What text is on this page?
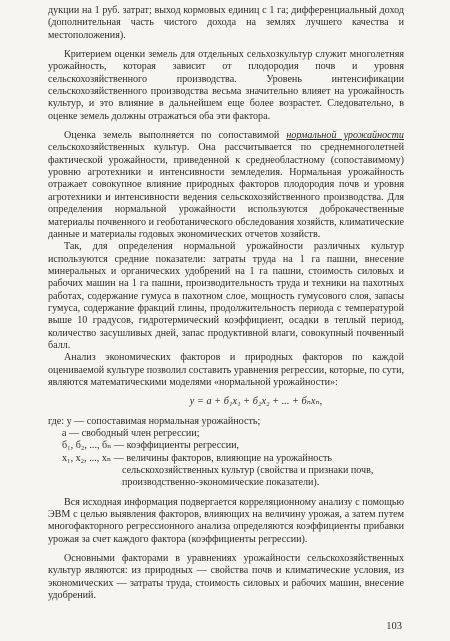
дукции на 1 руб. затрат; выход кормовых единиц с 1 га; дифференциальный доход (дополнительная часть чистого дохода на землях лучшего качества и местоположения).

Критерием оценки земель для отдельных сельхозкультур служит многолетняя урожайность, которая зависит от плодородия почв и уровня сельскохозяйственного производства. Уровень интенсификации сельскохозяйственного производства весьма значительно влияет на урожайность культур, и это влияние в дальнейшем еще более возрастет. Следовательно, в оценке земель должны отражаться оба эти фактора.

Оценка земель выполняется по сопоставимой нормальной урожайности сельскохозяйственных культур. Она рассчитывается по среднемноголетней фактической урожайности, приведенной к среднеобластному (сопоставимому) уровню агротехники и интенсивности земледелия. Нормальная урожайность отражает совокупное влияние природных факторов плодородия почв и уровня агротехники и интенсивности ведения сельскохозяйственного производства. Для определения нормальной урожайности используются доброкачественные материалы почвенного и геоботанического обследования хозяйств, климатические данные и материалы годовых экономических отчетов хозяйств.

Так, для определения нормальной урожайности различных культур используются средние показатели: затраты труда на 1 га пашни, внесение минеральных и органических удобрений на 1 га пашни, стоимость силовых и рабочих машин на 1 га пашни, производительность труда и техники на пахотных работах, содержание гумуса в пахотном слое, мощность гумусового слоя, запасы гумуса, содержание фракций глины, продолжительность периода с температурой выше 10 градусов, гидротермический коэффициент, осадки в теплый период, количество засушливых дней, запас продуктивной влаги, совокупный почвенный балл.

Анализ экономических факторов и природных факторов по каждой оцениваемой культуре позволил составить уравнения регрессии, которые, по сути, являются математическими моделями «нормальной урожайности»:

y = a + б₁x₁ + б₂x₂ + ... + бₙxₙ,
где: y — сопоставимая нормальная урожайность;
a — свободный член регрессии;
б₁, б₂, ..., бₙ — коэффициенты регрессии,
x₁, x₂, ..., xₙ — величины факторов, влияющие на урожайность сельскохозяйственных культур (свойства и признаки почв, производственно-экономические показатели).

Вся исходная информация подвергается корреляционному анализу с помощью ЭВМ с целью выявления факторов, влияющих на величину урожая, а затем путем многофакторного регрессионного анализа определяются коэффициенты прибавки урожая за счет каждого фактора (коэффициенты регрессии).

Основными факторами в уравнениях урожайности сельскохозяйственных культур являются: из природных — свойства почв и климатические условия, из экономических — затраты труда, стоимость силовых и рабочих машин, внесение удобрений.

103
